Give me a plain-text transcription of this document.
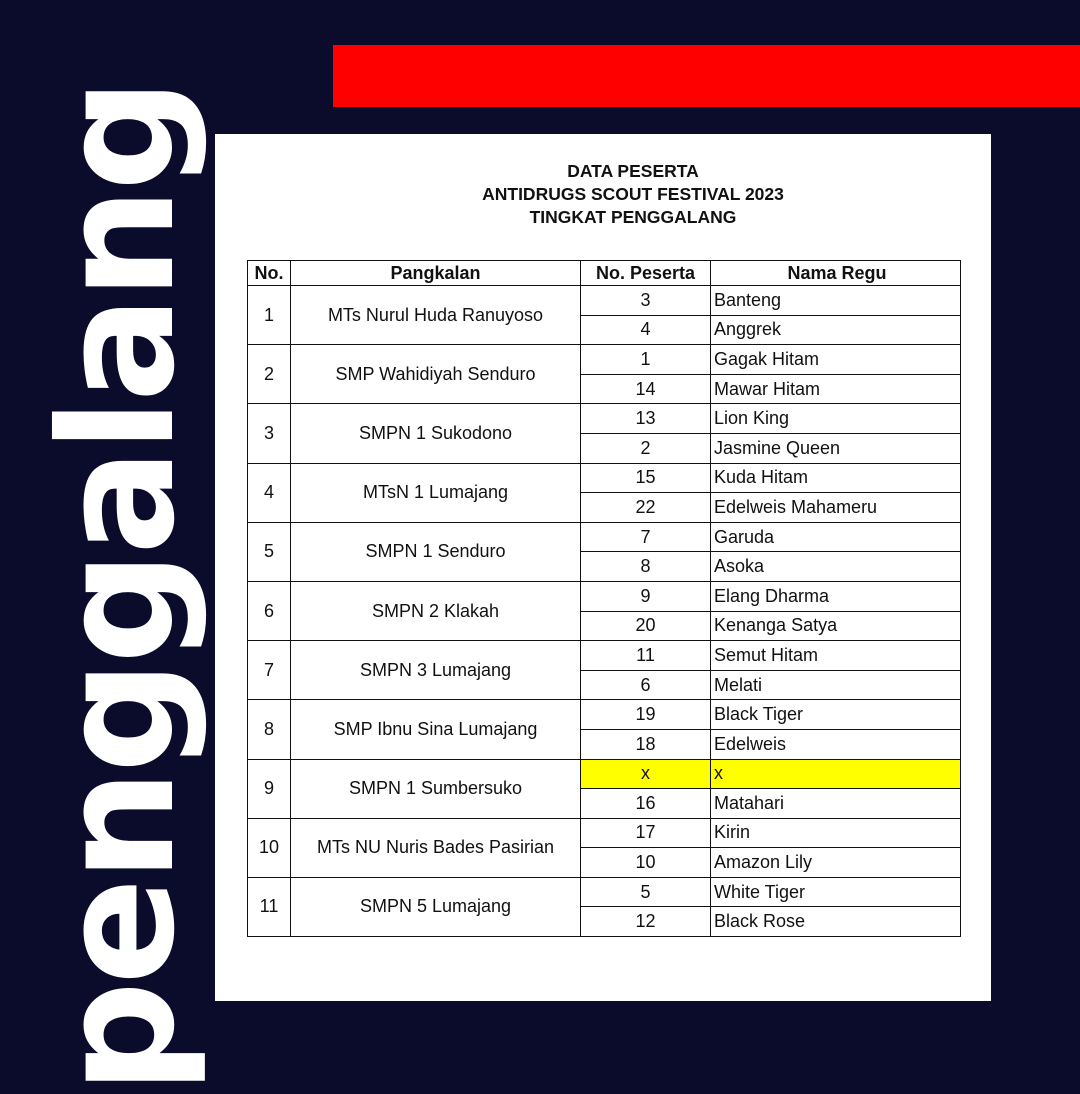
penggalang	DATA PESERTA
ANTIDRUGS SCOUT FESTIVAL 2023
TINGKAT PENGGALANG
No.	Pangkalan	No. Peserta	Nama Regu
1	MTs Nurul Huda Ranuyoso	3	Banteng
		4	Anggrek
2	SMP Wahidiyah Senduro	1	Gagak Hitam
		14	Mawar Hitam
3	SMPN 1 Sukodono	13	Lion King
		2	Jasmine Queen
4	MTsN 1 Lumajang	15	Kuda Hitam
		22	Edelweis Mahameru
5	SMPN 1 Senduro	7	Garuda
		8	Asoka
6	SMPN 2 Klakah	9	Elang Dharma
		20	Kenanga Satya
7	SMPN 3 Lumajang	11	Semut Hitam
		6	Melati
8	SMP Ibnu Sina Lumajang	19	Black Tiger
		18	Edelweis
9	SMPN 1 Sumbersuko	x	x
		16	Matahari
10	MTs NU Nuris Bades Pasirian	17	Kirin
		10	Amazon Lily
11	SMPN 5 Lumajang	5	White Tiger
		12	Black Rose
